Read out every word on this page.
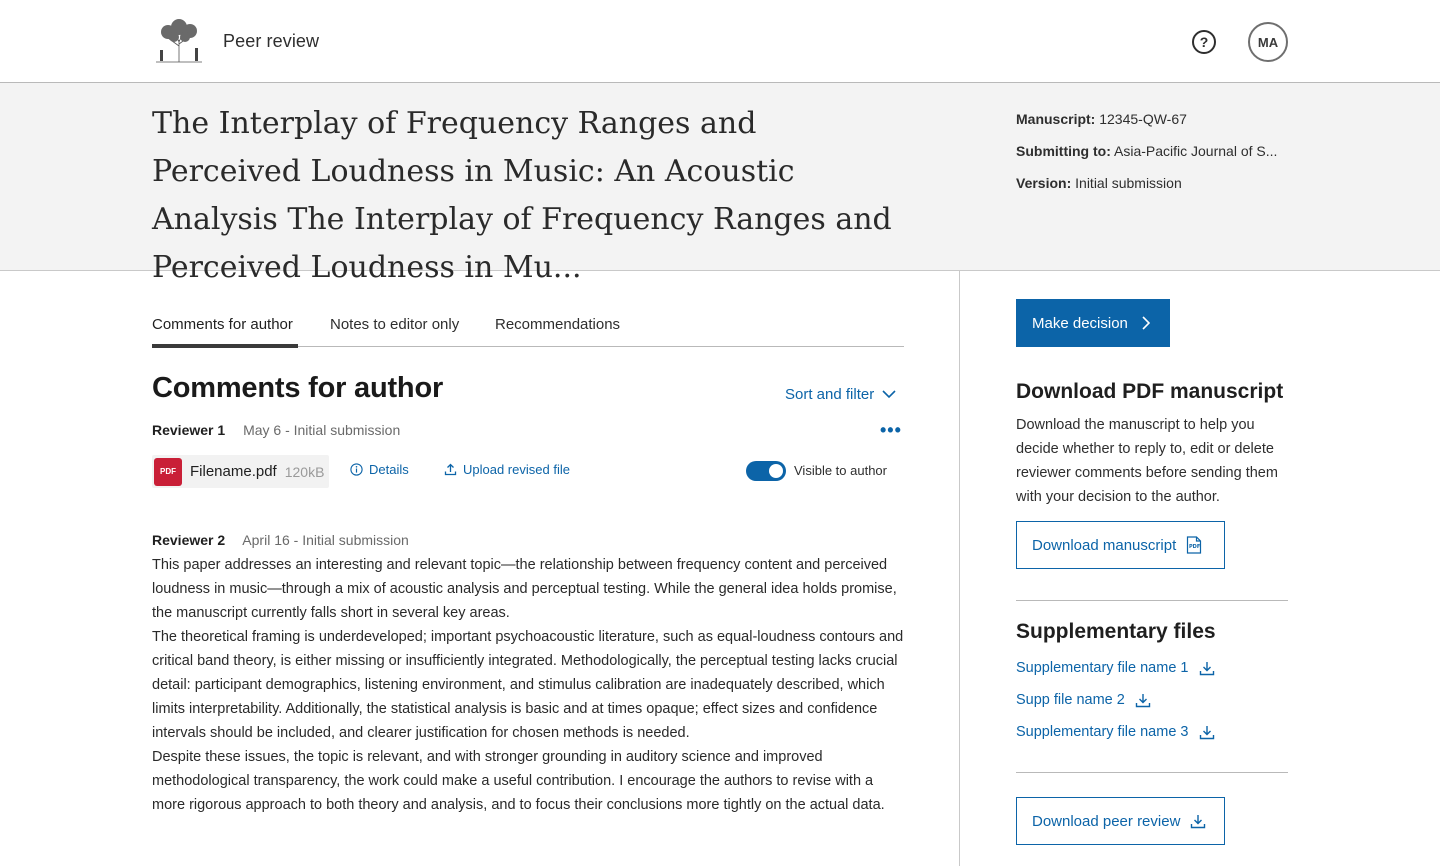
Peer review	?	MA
The Interplay of Frequency Ranges and Perceived Loudness in Music: An Acoustic Analysis The Interplay of Frequency Ranges and Perceived Loudness in Mu...
Manuscript: 12345-QW-67
Submitting to: Asia-Pacific Journal of S...
Version: Initial submission
Comments for author Notes to editor only Recommendations
Comments for author	Sort and filter
•••
Reviewer 1 May 6 - Initial submission
PDF Filename.pdf 120kB	Details	Upload revised file	Visible to author
Reviewer 2 April 16 - Initial submission

This paper addresses an interesting and relevant topic—the relationship between frequency content and perceived loudness in music—through a mix of acoustic analysis and perceptual testing. While the general idea holds promise, the manuscript currently falls short in several key areas.

The theoretical framing is underdeveloped; important psychoacoustic literature, such as equal-loudness contours and critical band theory, is either missing or insufficiently integrated. Methodologically, the perceptual testing lacks crucial detail: participant demographics, listening environment, and stimulus calibration are inadequately described, which limits interpretability. Additionally, the statistical analysis is basic and at times opaque; effect sizes and confidence intervals should be included, and clearer justification for chosen methods is needed.

Despite these issues, the topic is relevant, and with stronger grounding in auditory science and improved methodological transparency, the work could make a useful contribution. I encourage the authors to revise with a more rigorous approach to both theory and analysis, and to focus their conclusions more tightly on the actual data.

Make decision
Download PDF manuscript

Download the manuscript to help you decide whether to reply to, edit or delete reviewer comments before sending them with your decision to the author.

Download manuscript	PDF
Supplementary files
Supplementary file name 1
Supp file name 2
Supplementary file name 3
Download peer review
